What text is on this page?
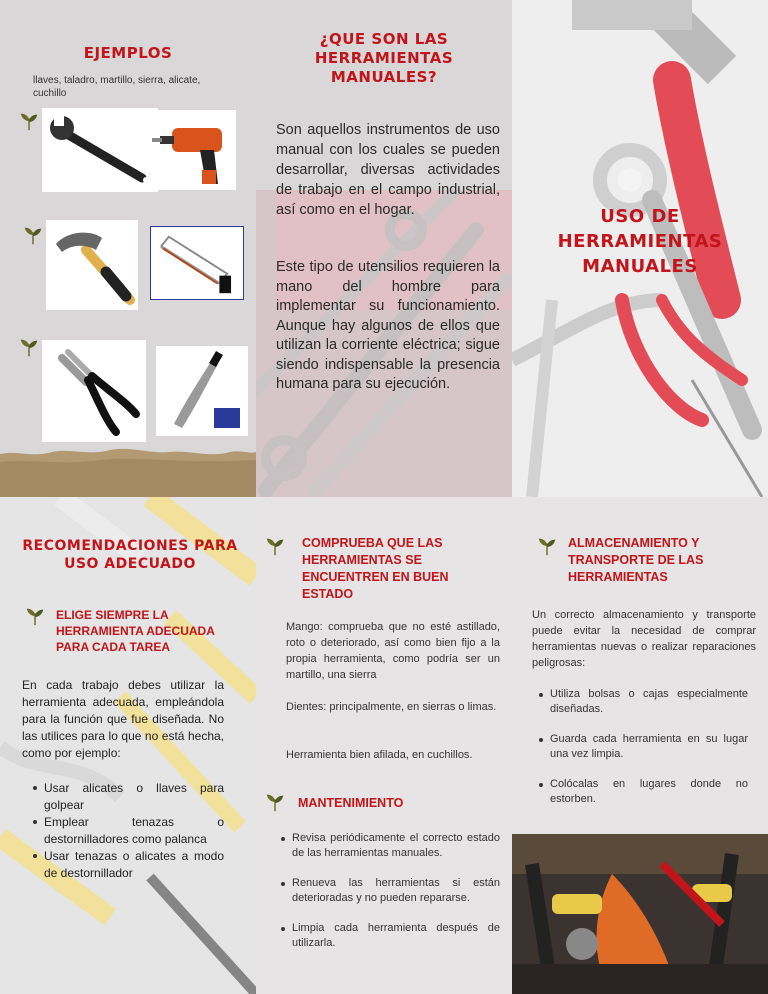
EJEMPLOS
llaves, taladro, martillo, sierra, alicate, cuchillo
¿QUE SON LAS HERRAMIENTAS MANUALES?
Son aquellos instrumentos de uso manual con los cuales se pueden desarrollar, diversas actividades de trabajo en el campo industrial, así como en el hogar.
Este tipo de utensilios requieren la mano del hombre para implementar su funcionamiento. Aunque hay algunos de ellos que utilizan la corriente eléctrica; sigue siendo indispensable la presencia humana para su ejecución.
USO DE HERRAMIENTAS MANUALES
RECOMENDACIONES PARA USO ADECUADO
ELIGE SIEMPRE LA HERRAMIENTA ADECUADA PARA CADA TAREA
En cada trabajo debes utilizar la herramienta adecuada, empleándola para la función que fue diseñada. No las utilices para lo que no está hecha, como por ejemplo:
Usar alicates o llaves para golpear
Emplear tenazas o destornilladores como palanca
Usar tenazas o alicates a modo de destornillador
COMPRUEBA QUE LAS HERRAMIENTAS SE ENCUENTREN EN BUEN ESTADO
Mango: comprueba que no esté astillado, roto o deteriorado, así como bien fijo a la propia herramienta, como podría ser un martillo, una sierra
Dientes: principalmente, en sierras o limas.
Herramienta bien afilada, en cuchillos.
MANTENIMIENTO
Revisa periódicamente el correcto estado de las herramientas manuales.
Renueva las herramientas si están deterioradas y no pueden repararse.
Limpia cada herramienta después de utilizarla.
ALMACENAMIENTO Y TRANSPORTE DE LAS HERRAMIENTAS
Un correcto almacenamiento y transporte puede evitar la necesidad de comprar herramientas nuevas o realizar reparaciones peligrosas:
Utiliza bolsas o cajas especialmente diseñadas.
Guarda cada herramienta en su lugar una vez limpia.
Colócalas en lugares donde no estorben.
